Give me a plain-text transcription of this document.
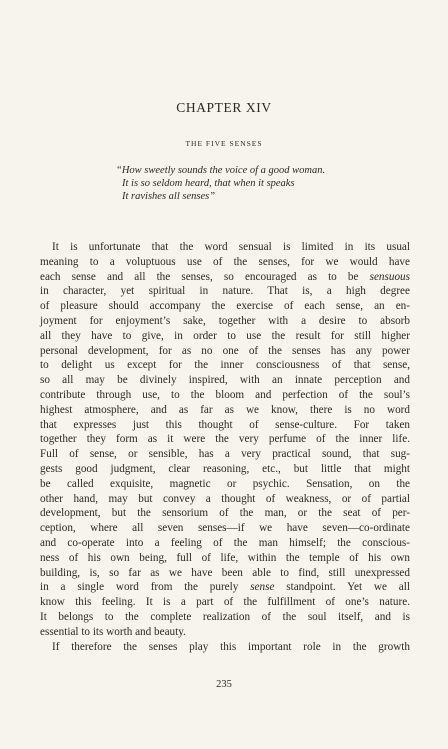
CHAPTER XIV
THE FIVE SENSES
“How sweetly sounds the voice of a good woman.
It is so seldom heard, that when it speaks
It ravishes all senses”
It is unfortunate that the word sensual is limited in its usual
meaning to a voluptuous use of the senses, for we would have
each sense and all the senses, so encouraged as to be sensuous
in character, yet spiritual in nature. That is, a high degree
of pleasure should accompany the exercise of each sense, an en-
joyment for enjoyment’s sake, together with a desire to absorb
all they have to give, in order to use the result for still higher
personal development, for as no one of the senses has any power
to delight us except for the inner consciousness of that sense,
so all may be divinely inspired, with an innate perception and
contribute through use, to the bloom and perfection of the soul’s
highest atmosphere, and as far as we know, there is no word
that expresses just this thought of sense-culture. For taken
together they form as it were the very perfume of the inner life.
Full of sense, or sensible, has a very practical sound, that sug-
gests good judgment, clear reasoning, etc., but little that might
be called exquisite, magnetic or psychic. Sensation, on the
other hand, may but convey a thought of weakness, or of partial
development, but the sensorium of the man, or the seat of per-
ception, where all seven senses—if we have seven—co-ordinate
and co-operate into a feeling of the man himself; the conscious-
ness of his own being, full of life, within the temple of his own
building, is, so far as we have been able to find, still unexpressed
in a single word from the purely sense standpoint. Yet we all
know this feeling. It is a part of the fulfillment of one’s nature.
It belongs to the complete realization of the soul itself, and is
essential to its worth and beauty.
If therefore the senses play this important role in the growth
235
